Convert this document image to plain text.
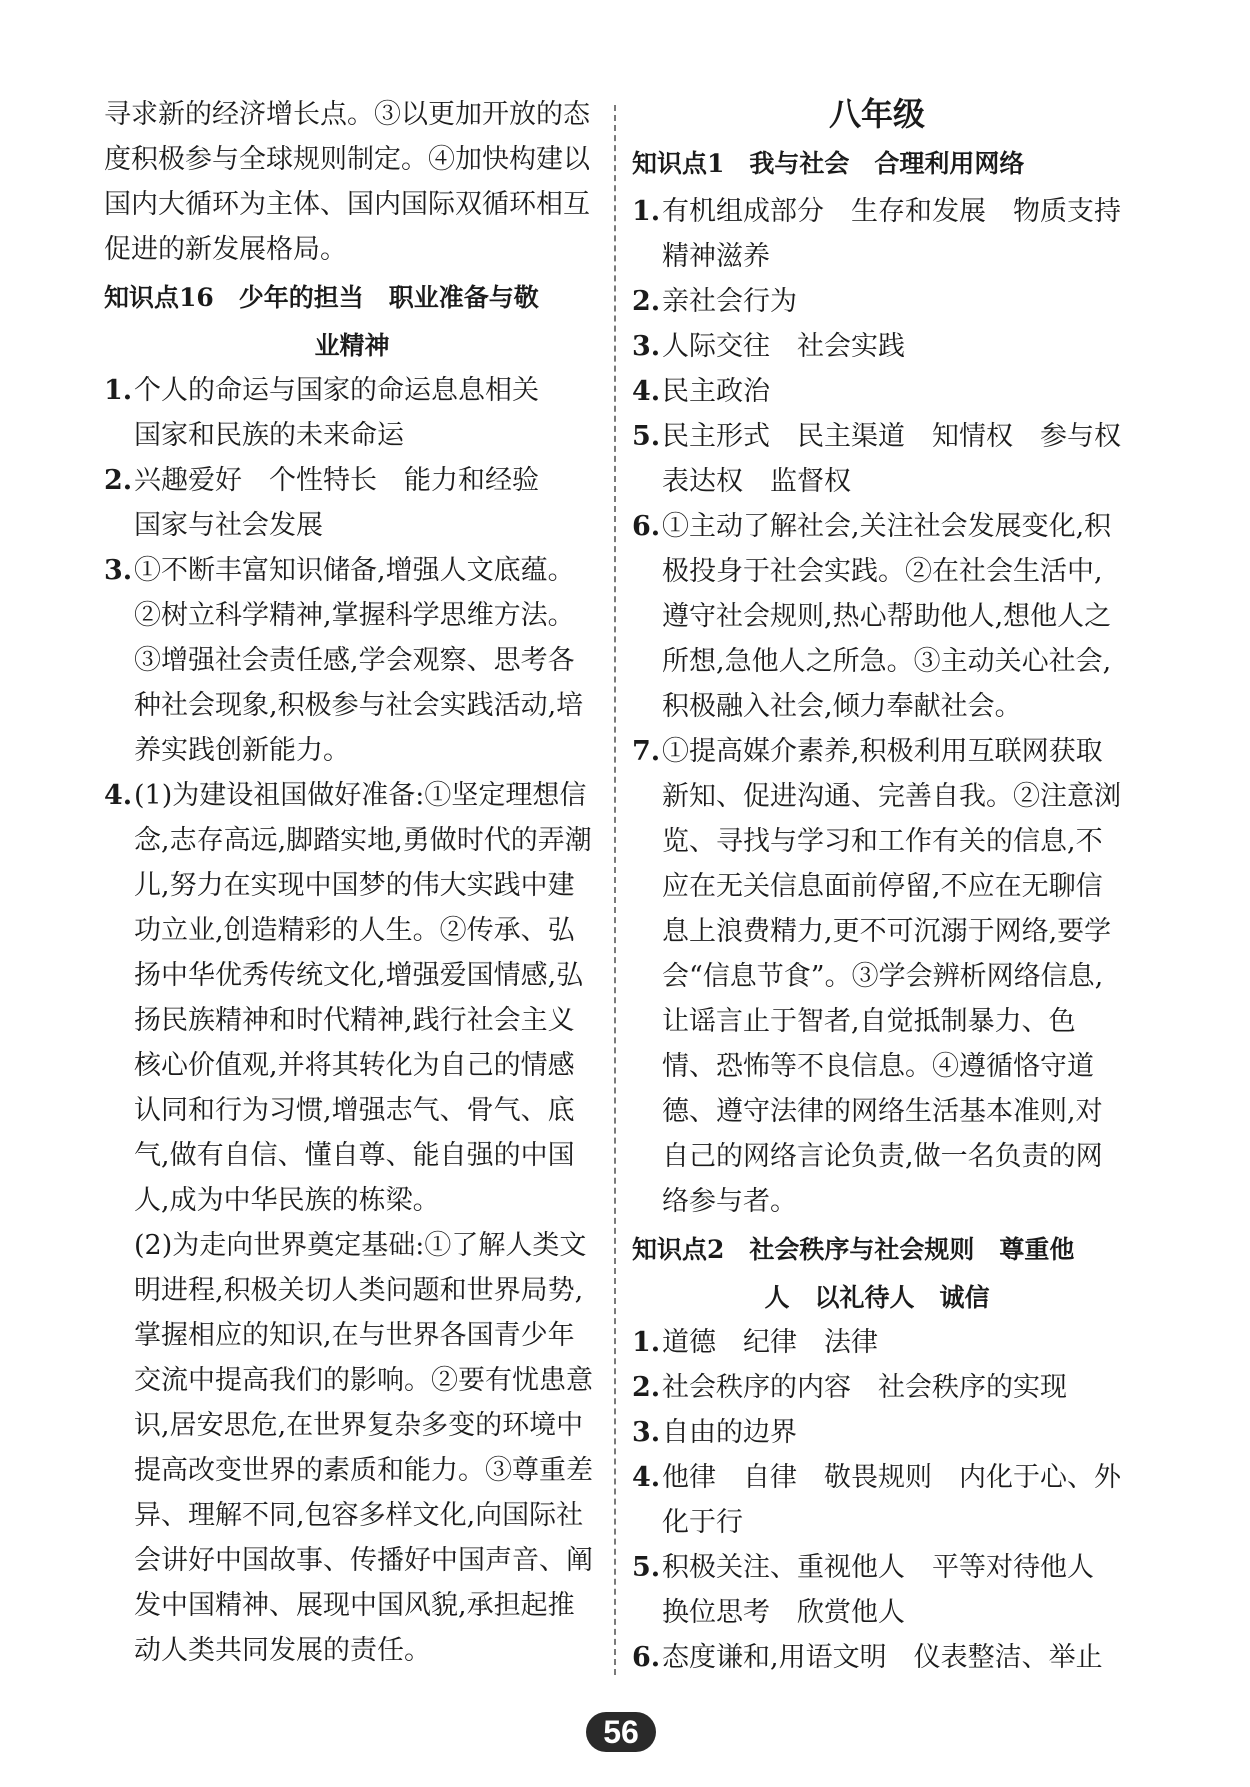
寻求新的经济增长点。③以更加开放的态度积极参与全球规则制定。④加快构建以国内大循环为主体、国内国际双循环相互促进的新发展格局。

知识点16　少年的担当　职业准备与敬
业精神
1. 个人的命运与国家的命运息息相关
国家和民族的未来命运
2. 兴趣爱好　个性特长　能力和经验
国家与社会发展
3. ①不断丰富知识储备,增强人文底蕴。②树立科学精神,掌握科学思维方法。③增强社会责任感,学会观察、思考各种社会现象,积极参与社会实践活动,培养实践创新能力。
4. (1)为建设祖国做好准备:①坚定理想信念,志存高远,脚踏实地,勇做时代的弄潮儿,努力在实现中国梦的伟大实践中建功立业,创造精彩的人生。②传承、弘扬中华优秀传统文化,增强爱国情感,弘扬民族精神和时代精神,践行社会主义核心价值观,并将其转化为自己的情感认同和行为习惯,增强志气、骨气、底气,做有自信、懂自尊、能自强的中国人,成为中华民族的栋梁。
(2)为走向世界奠定基础:①了解人类文明进程,积极关切人类问题和世界局势,掌握相应的知识,在与世界各国青少年交流中提高我们的影响。②要有忧患意识,居安思危,在世界复杂多变的环境中提高改变世界的素质和能力。③尊重差异、理解不同,包容多样文化,向国际社会讲好中国故事、传播好中国声音、阐发中国精神、展现中国风貌,承担起推动人类共同发展的责任。
八年级
知识点1　我与社会　合理利用网络
1. 有机组成部分　生存和发展　物质支持　精神滋养
2. 亲社会行为
3. 人际交往　社会实践
4. 民主政治
5. 民主形式　民主渠道　知情权　参与权　表达权　监督权
6. ①主动了解社会,关注社会发展变化,积极投身于社会实践。②在社会生活中,遵守社会规则,热心帮助他人,想他人之所想,急他人之所急。③主动关心社会,积极融入社会,倾力奉献社会。
7. ①提高媒介素养,积极利用互联网获取新知、促进沟通、完善自我。②注意浏览、寻找与学习和工作有关的信息,不应在无关信息面前停留,不应在无聊信息上浪费精力,更不可沉溺于网络,要学会“信息节食”。③学会辨析网络信息,让谣言止于智者,自觉抵制暴力、色情、恐怖等不良信息。④遵循恪守道德、遵守法律的网络生活基本准则,对自己的网络言论负责,做一名负责的网络参与者。
知识点2　社会秩序与社会规则　尊重他
人　以礼待人　诚信
1. 道德　纪律　法律
2. 社会秩序的内容　社会秩序的实现
3. 自由的边界
4. 他律　自律　敬畏规则　内化于心、外化于行
5. 积极关注、重视他人　平等对待他人
换位思考　欣赏他人
6. 态度谦和,用语文明　仪表整洁、举止
56
